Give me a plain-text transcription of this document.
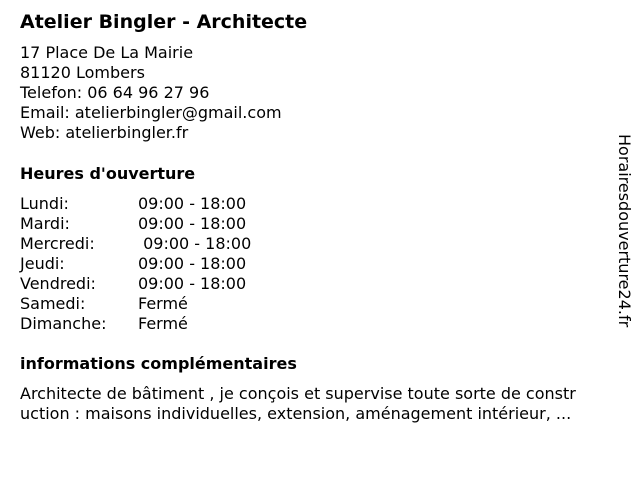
Atelier Bingler - Architecte
17 Place De La Mairie
81120 Lombers
Telefon: 06 64 96 27 96
Email: atelierbingler@gmail.com
Web: atelierbingler.fr
Heures d'ouverture
Lundi:	09:00 - 18:00
Mardi:	09:00 - 18:00
Mercredi:	09:00 - 18:00
Jeudi:	09:00 - 18:00
Vendredi:	09:00 - 18:00
Samedi:	Fermé
Dimanche:	Fermé
informations complémentaires
Architecte de bâtiment , je conçois et supervise toute sorte de constr
uction : maisons individuelles, extension, aménagement intérieur, ...
Horairesdouverture24.fr
